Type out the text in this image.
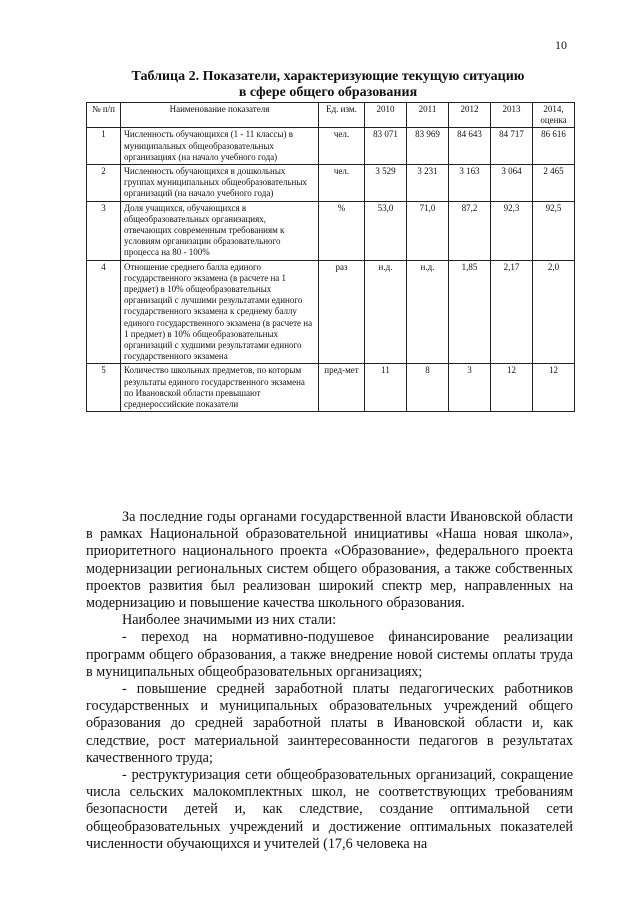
10
Таблица 2. Показатели, характеризующие текущую ситуацию
в сфере общего образования
№ п/п	Наименование показателя	Ед. изм.	2010	2011	2012	2013	2014, оценка
1	Численность обучающихся (1 - 11 классы) в муниципальных общеобразовательных организациях (на начало учебного года)	чел.	83 071	83 969	84 643	84 717	86 616
2	Численность обучающихся в дошкольных группах муниципальных общеобразовательных организаций (на начало учебного года)	чел.	3 529	3 231	3 163	3 064	2 465
3	Доля учащихся, обучающихся в общеобразовательных организациях, отвечающих современным требованиям к условиям организации образовательного процесса на 80 - 100%	%	53,0	71,0	87,2	92,3	92,5
4	Отношение среднего балла единого государственного экзамена (в расчете на 1 предмет) в 10% общеобразовательных организаций с лучшими результатами единого государственного экзамена к среднему баллу единого государственного экзамена (в расчете на 1 предмет) в 10% общеобразовательных организаций с худшими результатами единого государственного экзамена	раз	н.д.	н.д.	1,85	2,17	2,0
5	Количество школьных предметов, по которым результаты единого государственного экзамена по Ивановской области превышают среднероссийские показатели	пред-мет	11	8	3	12	12

За последние годы органами государственной власти Ивановской области в рамках Национальной образовательной инициативы «Наша новая школа», приоритетного национального проекта «Образование», федерального проекта модернизации региональных систем общего образования, а также собственных проектов развития был реализован широкий спектр мер, направленных на модернизацию и повышение качества школьного образования.

Наиболее значимыми из них стали:

- переход на нормативно-подушевое финансирование реализации программ общего образования, а также внедрение новой системы оплаты труда в муниципальных общеобразовательных организациях;

- повышение средней заработной платы педагогических работников государственных и муниципальных образовательных учреждений общего образования до средней заработной платы в Ивановской области и, как следствие, рост материальной заинтересованности педагогов в результатах качественного труда;

- реструктуризация сети общеобразовательных организаций, сокращение числа сельских малокомплектных школ, не соответствующих требованиям безопасности детей и, как следствие, создание оптимальной сети общеобразовательных учреждений и достижение оптимальных показателей численности обучающихся и учителей (17,6 человека на
